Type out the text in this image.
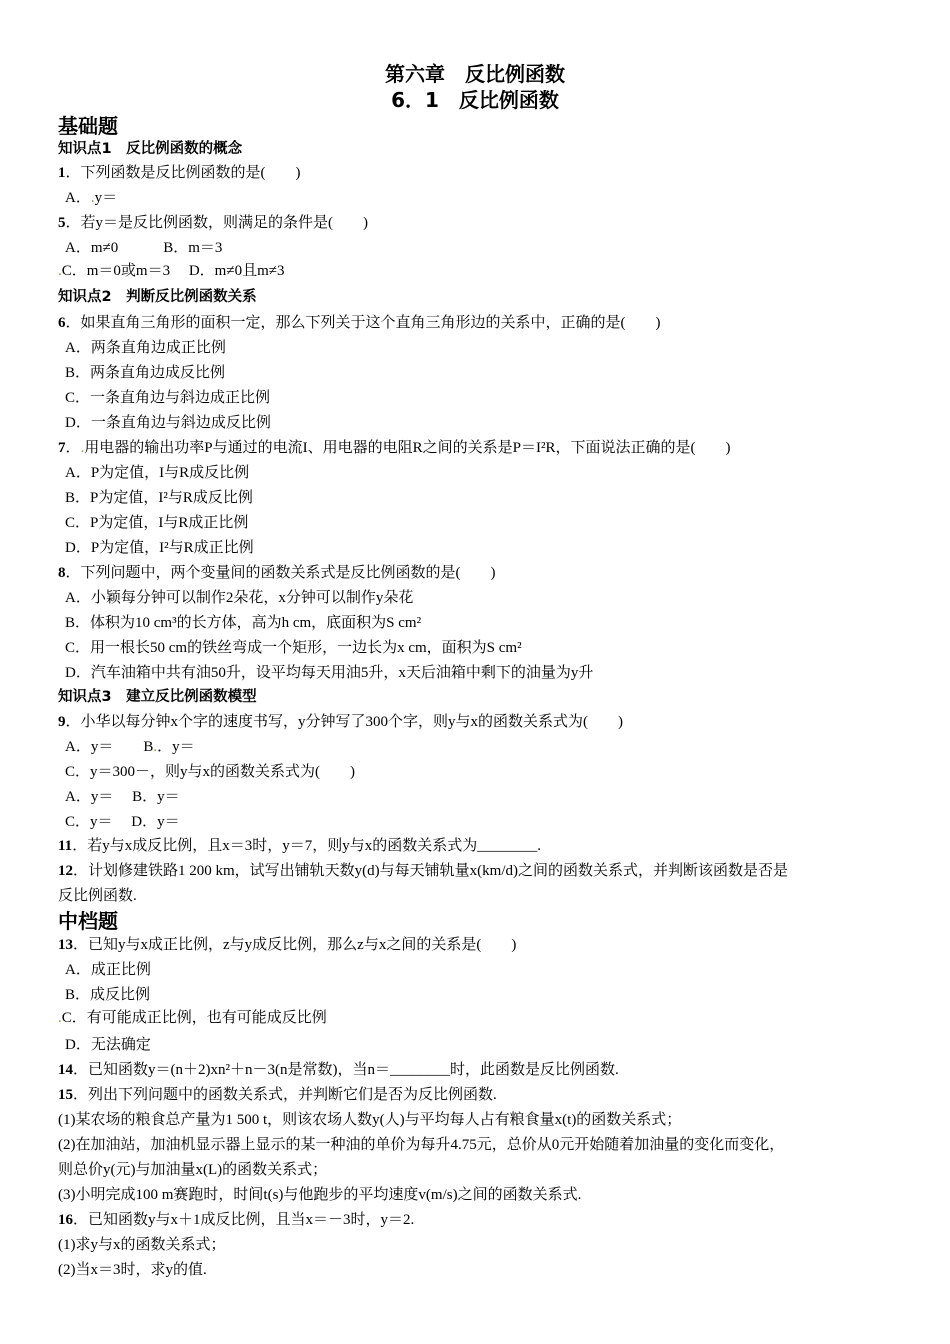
第六章　反比例函数
6．1　反比例函数
基础题
知识点1　反比例函数的概念
1．下列函数是反比例函数的是(　　)
A．.y＝
5．若y＝是反比例函数，则满足的条件是(　　)
A．m≠0　　　B．m＝3
.C．m＝0或m＝3　 D．m≠0且m≠3
知识点2　判断反比例函数关系
6．如果直角三角形的面积一定，那么下列关于这个直角三角形边的关系中，正确的是(　　)
A．两条直角边成正比例
B．两条直角边成反比例
C．一条直角边与斜边成正比例
D．一条直角边与斜边成反比例
7．.用电器的输出功率P与通过的电流I、用电器的电阻R之间的关系是P＝I²R，下面说法正确的是(　　)
A．P为定值，I与R成反比例
B．P为定值，I²与R成反比例
C．P为定值，I与R成正比例
D．P为定值，I²与R成正比例
8．下列问题中，两个变量间的函数关系式是反比例函数的是(　　)
A．小颖每分钟可以制作2朵花，x分钟可以制作y朵花
B．体积为10 cm³的长方体，高为h cm，底面积为S cm²
C．用一根长50 cm的铁丝弯成一个矩形，一边长为x cm，面积为S cm²
D．汽车油箱中共有油50升，设平均每天用油5升，x天后油箱中剩下的油量为y升
知识点3　建立反比例函数模型
9．小华以每分钟x个字的速度书写，y分钟写了300个字，则y与x的函数关系式为(　　)
A．y＝　　B.．y＝
C．y＝300－，则y与x的函数关系式为(　　)
A．y＝　 B．y＝
C．y＝　 D．y＝
11．若y与x成反比例，且x＝3时，y＝7，则y与x的函数关系式为________.
12．计划修建铁路1 200 km，试写出铺轨天数y(d)与每天铺轨量x(km/d)之间的函数关系式，并判断该函数是否是
反比例函数.
中档题
13．已知y与x成正比例，z与y成反比例，那么z与x之间的关系是(　　)
A．成正比例
B．成反比例
.C．有可能成正比例，也有可能成反比例
D．无法确定
14．已知函数y＝(n＋2)xn²＋n－3(n是常数)，当n＝________时，此函数是反比例函数.
15．列出下列问题中的函数关系式，并判断它们是否为反比例函数.
(1)某农场的粮食总产量为1 500 t，则该农场人数y(人)与平均每人占有粮食量x(t)的函数关系式；
(2)在加油站，加油机显示器上显示的某一种油的单价为每升4.75元，总价从0元开始随着加油量的变化而变化，
则总价y(元)与加油量x(L)的函数关系式；
(3)小明完成100 m赛跑时，时间t(s)与他跑步的平均速度v(m/s)之间的函数关系式.
16．已知函数y与x＋1成反比例，且当x＝－3时，y＝2.
(1)求y与x的函数关系式；
(2)当x＝3时，求y的值.
